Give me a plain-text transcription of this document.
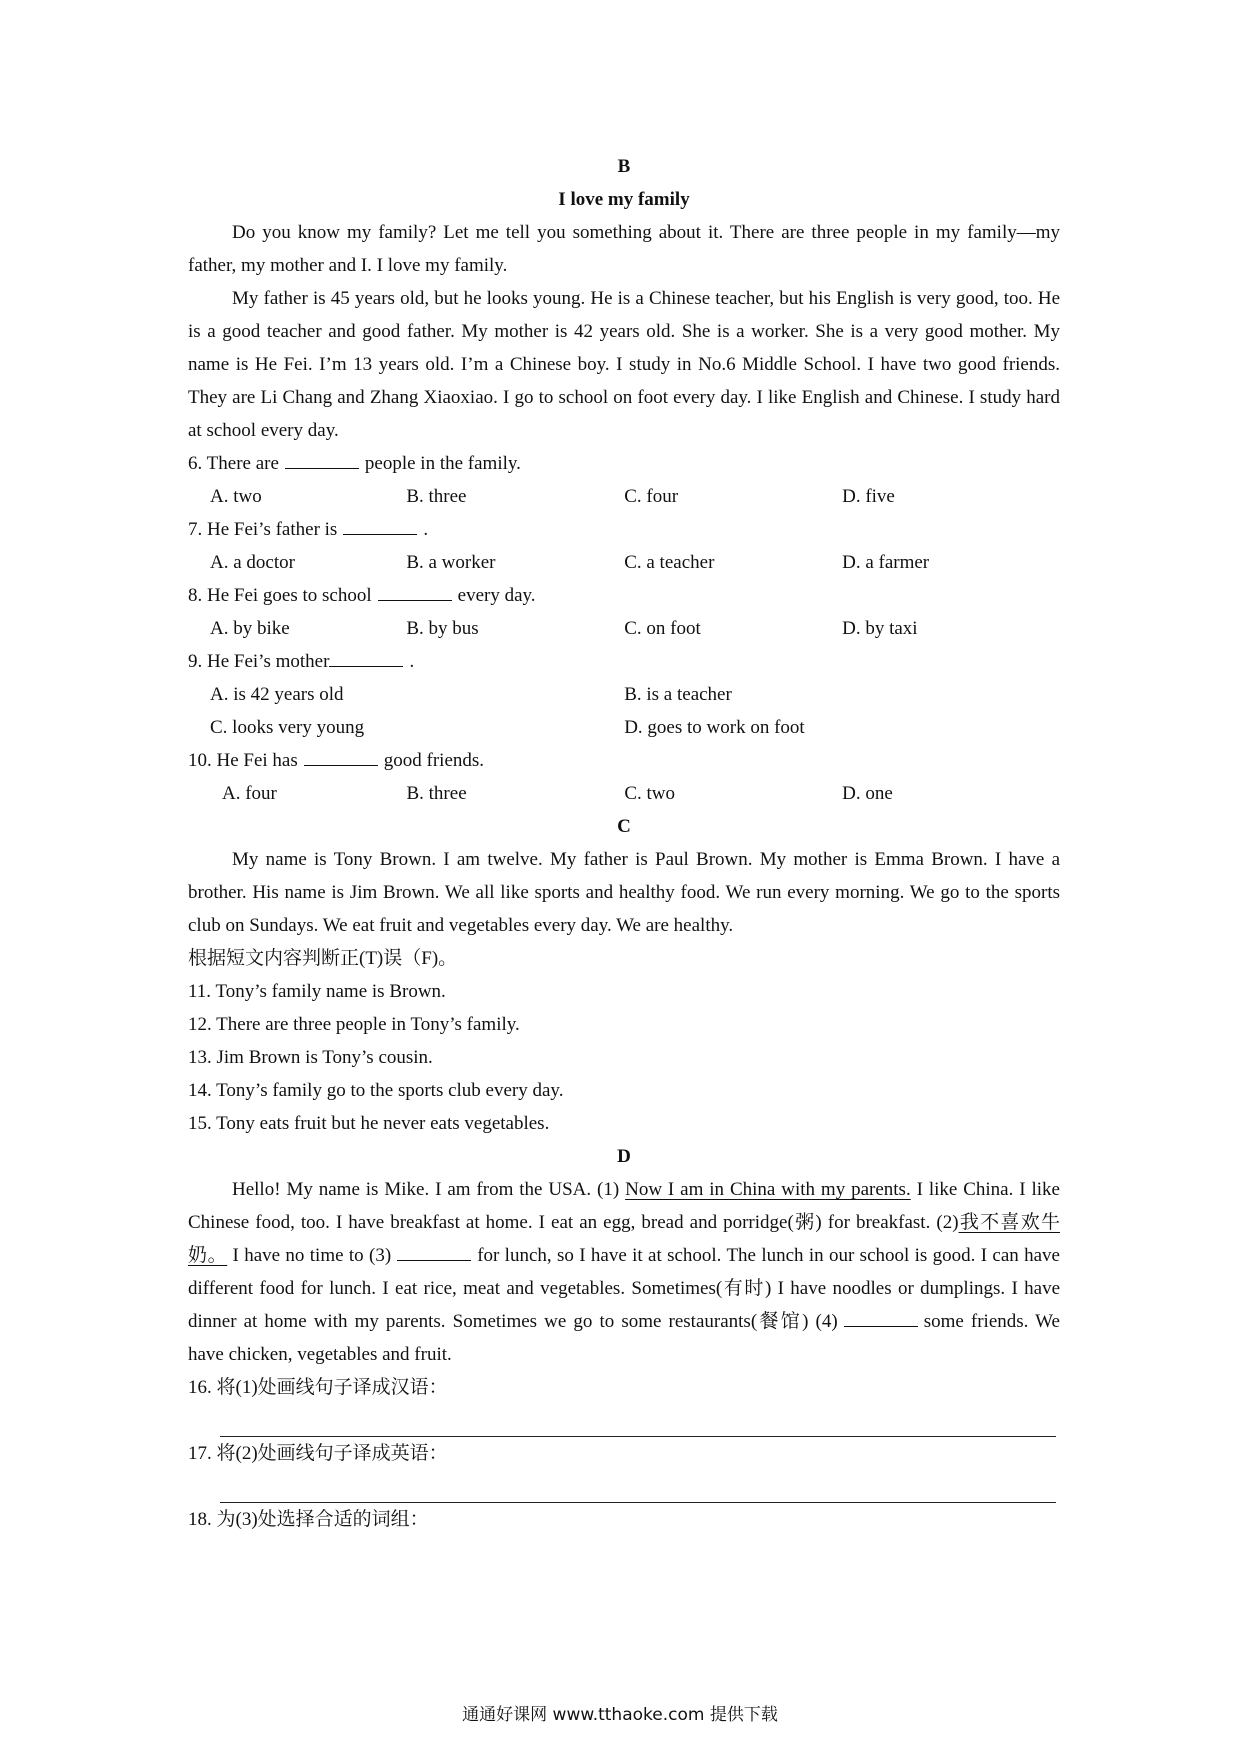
B
I love my family

Do you know my family? Let me tell you something about it. There are three people in my family—my father, my mother and I. I love my family.

My father is 45 years old, but he looks young. He is a Chinese teacher, but his English is very good, too. He is a good teacher and good father. My mother is 42 years old. She is a worker. She is a very good mother. My name is He Fei. I’m 13 years old. I’m a Chinese boy. I study in No.6 Middle School. I have two good friends. They are Li Chang and Zhang Xiaoxiao. I go to school on foot every day. I like English and Chinese. I study hard at school every day.

6. There are	people in the family.
A. two	B. three	C. four	D. five
7. He Fei’s father is	.
A. a doctor	B. a worker	C. a teacher	D. a farmer
8. He Fei goes to school	every day.
A. by bike	B. by bus	C. on foot	D. by taxi
9. He Fei’s mother	.
A. is 42 years old	B. is a teacher
C. looks very young	D. goes to work on foot
10. He Fei has	good friends.
A. four	B. three	C. two	D. one
C

My name is Tony Brown. I am twelve. My father is Paul Brown. My mother is Emma Brown. I have a brother. His name is Jim Brown. We all like sports and healthy food. We run every morning. We go to the sports club on Sundays. We eat fruit and vegetables every day. We are healthy.

根据短文内容判断正(T)误（F)。
11. Tony’s family name is Brown.
12. There are three people in Tony’s family.
13. Jim Brown is Tony’s cousin.
14. Tony’s family go to the sports club every day.
15. Tony eats fruit but he never eats vegetables.
D

Hello! My name is Mike. I am from the USA. (1) Now I am in China with my parents. I like China. I like Chinese food, too. I have breakfast at home. I eat an egg, bread and porridge(粥) for breakfast. (2)我不喜欢牛奶。 I have no time to (3)	for lunch, so I have it at school. The lunch in our school is good. I can have different food for lunch. I eat rice, meat and vegetables. Sometimes(有时) I have noodles or dumplings. I have dinner at home with my parents. Sometimes we go to some restaurants(餐馆) (4)	some friends. We have chicken, vegetables and fruit.

16. 将(1)处画线句子译成汉语：
17. 将(2)处画线句子译成英语：
18. 为(3)处选择合适的词组：
通通好课网 www.tthaoke.com 提供下载
